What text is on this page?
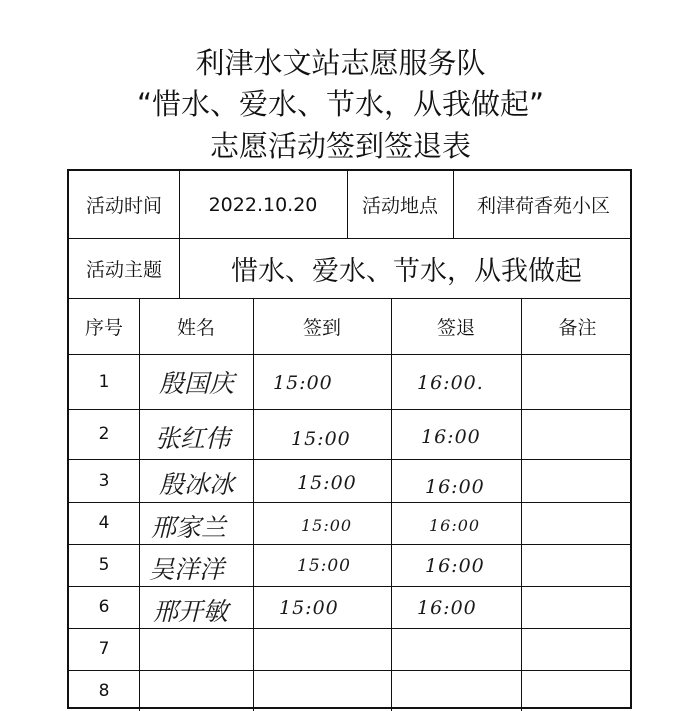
利津水文站志愿服务队
“惜水、爱水、节水，从我做起”
志愿活动签到签退表
活动时间	2022.10.20	活动地点	利津荷香苑小区
活动主题	惜水、爱水、节水，从我做起
序号	姓名	签到	签退	备注
1	殷国庆 15:00	16:00.
2	张红伟	15:00	16:00
3	殷冰冰	15:00	16:00
4	邢家兰	15:00	16:00
5	吴洋洋	15:00	16:00
6	邢开敏	15:00	16:00
7
8
